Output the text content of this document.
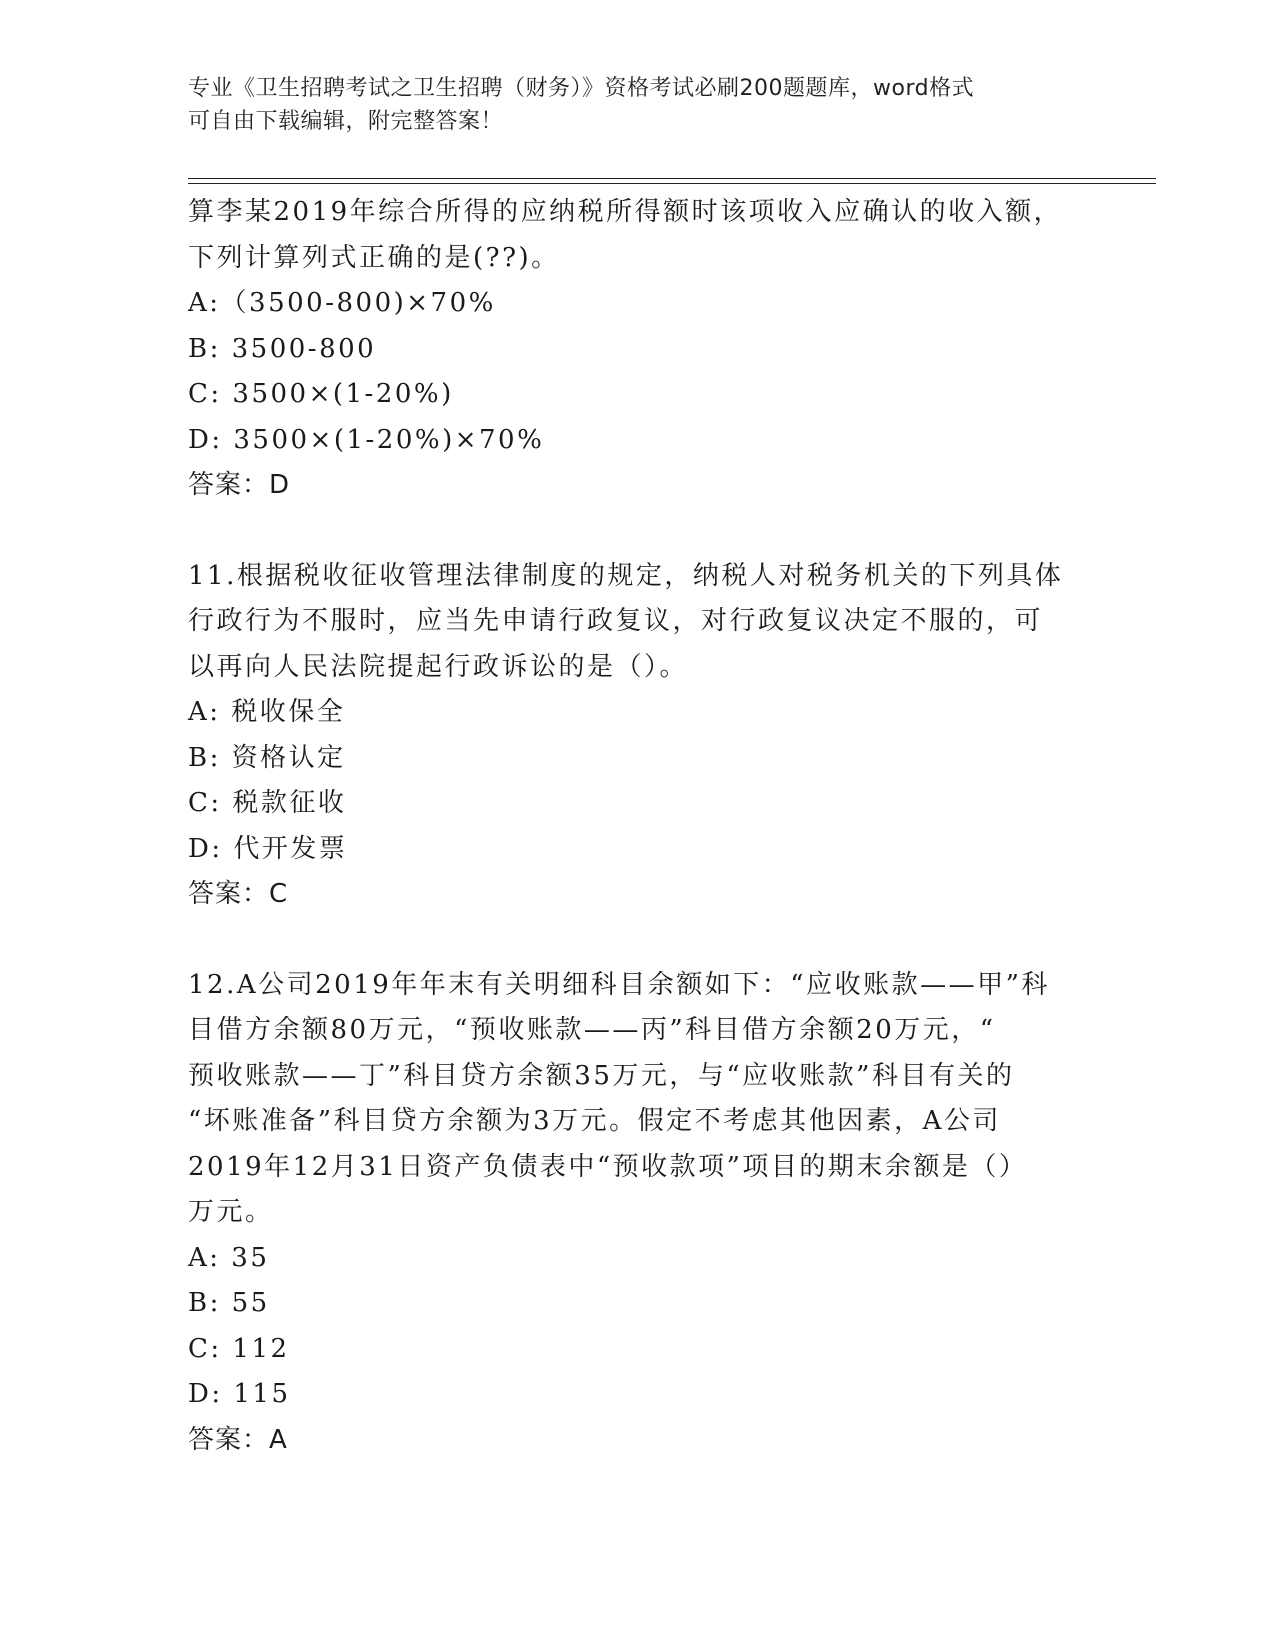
专业《卫生招聘考试之卫生招聘（财务）》资格考试必刷200题题库，word格式
可自由下载编辑，附完整答案！
算李某2019年综合所得的应纳税所得额时该项收入应确认的收入额，
下列计算列式正确的是(??)。
A:（3500-800)×70%
B: 3500-800
C: 3500×(1-20%)
D: 3500×(1-20%)×70%
答案：D
11.根据税收征收管理法律制度的规定，纳税人对税务机关的下列具体
行政行为不服时，应当先申请行政复议，对行政复议决定不服的，可
以再向人民法院提起行政诉讼的是（）。
A: 税收保全
B: 资格认定
C: 税款征收
D: 代开发票
答案：C
12.A公司2019年年末有关明细科目余额如下：“应收账款——甲”科
目借方余额80万元，“预收账款——丙”科目借方余额20万元，“
预收账款——丁”科目贷方余额35万元，与“应收账款”科目有关的
“坏账准备”科目贷方余额为3万元。假定不考虑其他因素，A公司
2019年12月31日资产负债表中“预收款项”项目的期末余额是（）
万元。
A: 35
B: 55
C: 112
D: 115
答案：A
